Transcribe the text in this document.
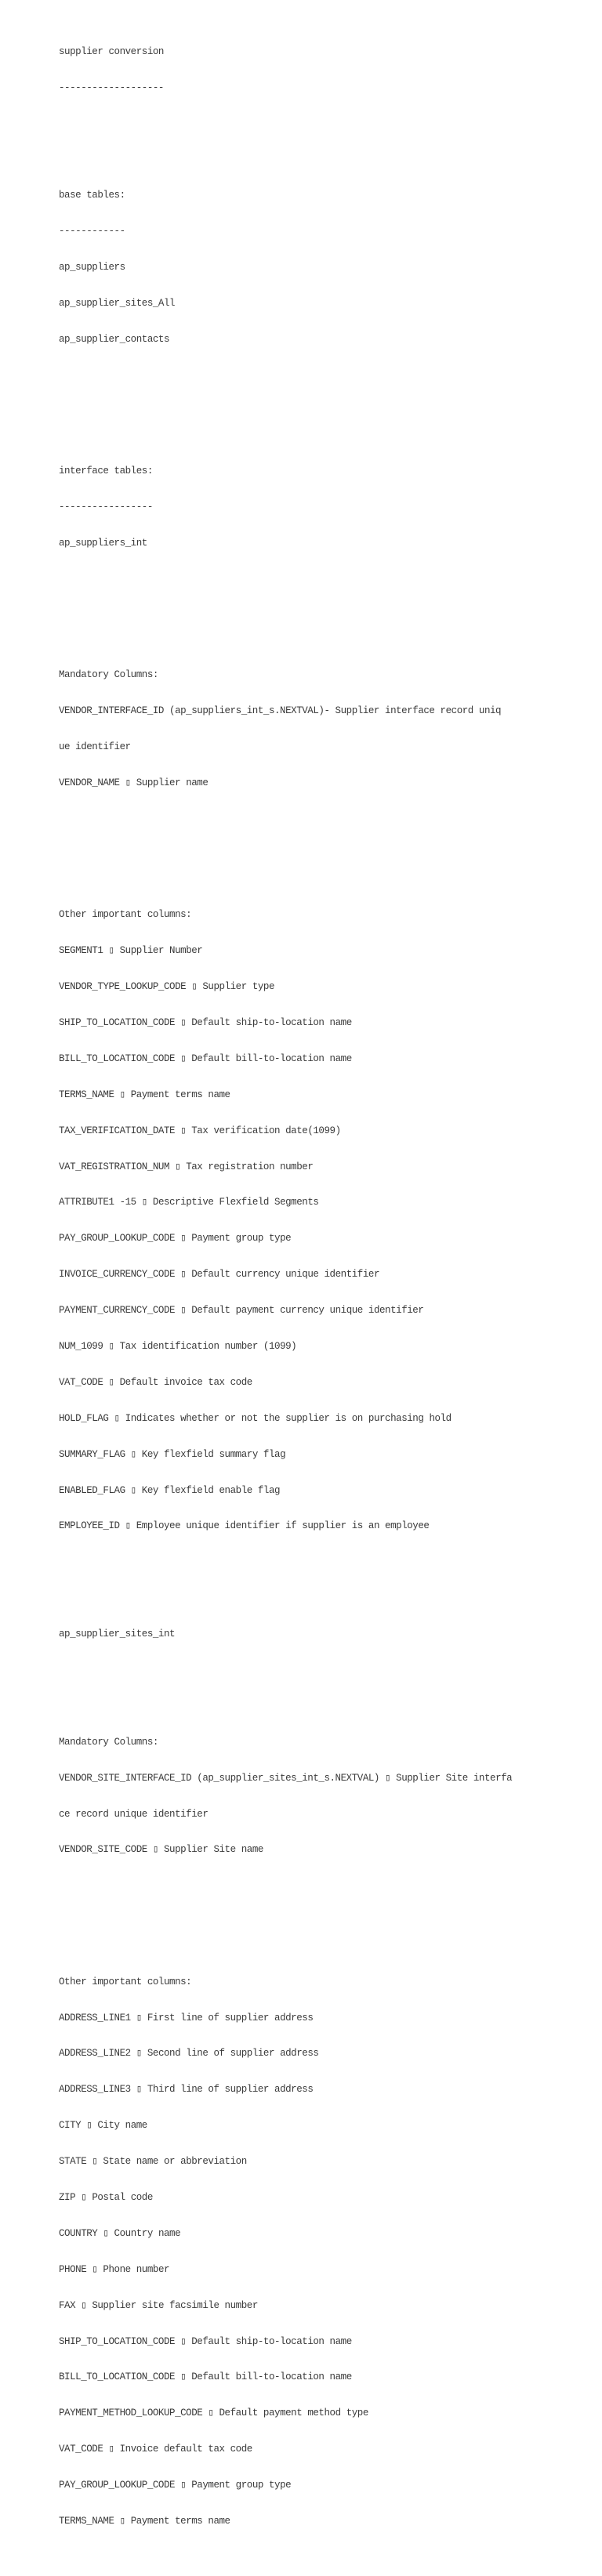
supplier conversion

-------------------

base tables:

------------

ap_suppliers

ap_supplier_sites_All

ap_supplier_contacts

interface tables:

-----------------

ap_suppliers_int

Mandatory Columns:

VENDOR_INTERFACE_ID (ap_suppliers_int_s.NEXTVAL)- Supplier interface record uniq

ue identifier

VENDOR_NAME ▯ Supplier name

Other important columns:

SEGMENT1 ▯ Supplier Number

VENDOR_TYPE_LOOKUP_CODE ▯ Supplier type

SHIP_TO_LOCATION_CODE ▯ Default ship-to-location name

BILL_TO_LOCATION_CODE ▯ Default bill-to-location name

TERMS_NAME ▯ Payment terms name

TAX_VERIFICATION_DATE ▯ Tax verification date(1099)

VAT_REGISTRATION_NUM ▯ Tax registration number

ATTRIBUTE1 -15 ▯ Descriptive Flexfield Segments

PAY_GROUP_LOOKUP_CODE ▯ Payment group type

INVOICE_CURRENCY_CODE ▯ Default currency unique identifier

PAYMENT_CURRENCY_CODE ▯ Default payment currency unique identifier

NUM_1099 ▯ Tax identification number (1099)

VAT_CODE ▯ Default invoice tax code

HOLD_FLAG ▯ Indicates whether or not the supplier is on purchasing hold

SUMMARY_FLAG ▯ Key flexfield summary flag

ENABLED_FLAG ▯ Key flexfield enable flag

EMPLOYEE_ID ▯ Employee unique identifier if supplier is an employee

ap_supplier_sites_int

Mandatory Columns:

VENDOR_SITE_INTERFACE_ID (ap_supplier_sites_int_s.NEXTVAL) ▯ Supplier Site interfa

ce record unique identifier

VENDOR_SITE_CODE ▯ Supplier Site name

Other important columns:

ADDRESS_LINE1 ▯ First line of supplier address

ADDRESS_LINE2 ▯ Second line of supplier address

ADDRESS_LINE3 ▯ Third line of supplier address

CITY ▯ City name

STATE ▯ State name or abbreviation

ZIP ▯ Postal code

COUNTRY ▯ Country name

PHONE ▯ Phone number

FAX ▯ Supplier site facsimile number

SHIP_TO_LOCATION_CODE ▯ Default ship-to-location name

BILL_TO_LOCATION_CODE ▯ Default bill-to-location name

PAYMENT_METHOD_LOOKUP_CODE ▯ Default payment method type

VAT_CODE ▯ Invoice default tax code

PAY_GROUP_LOOKUP_CODE ▯ Payment group type

TERMS_NAME ▯ Payment terms name
